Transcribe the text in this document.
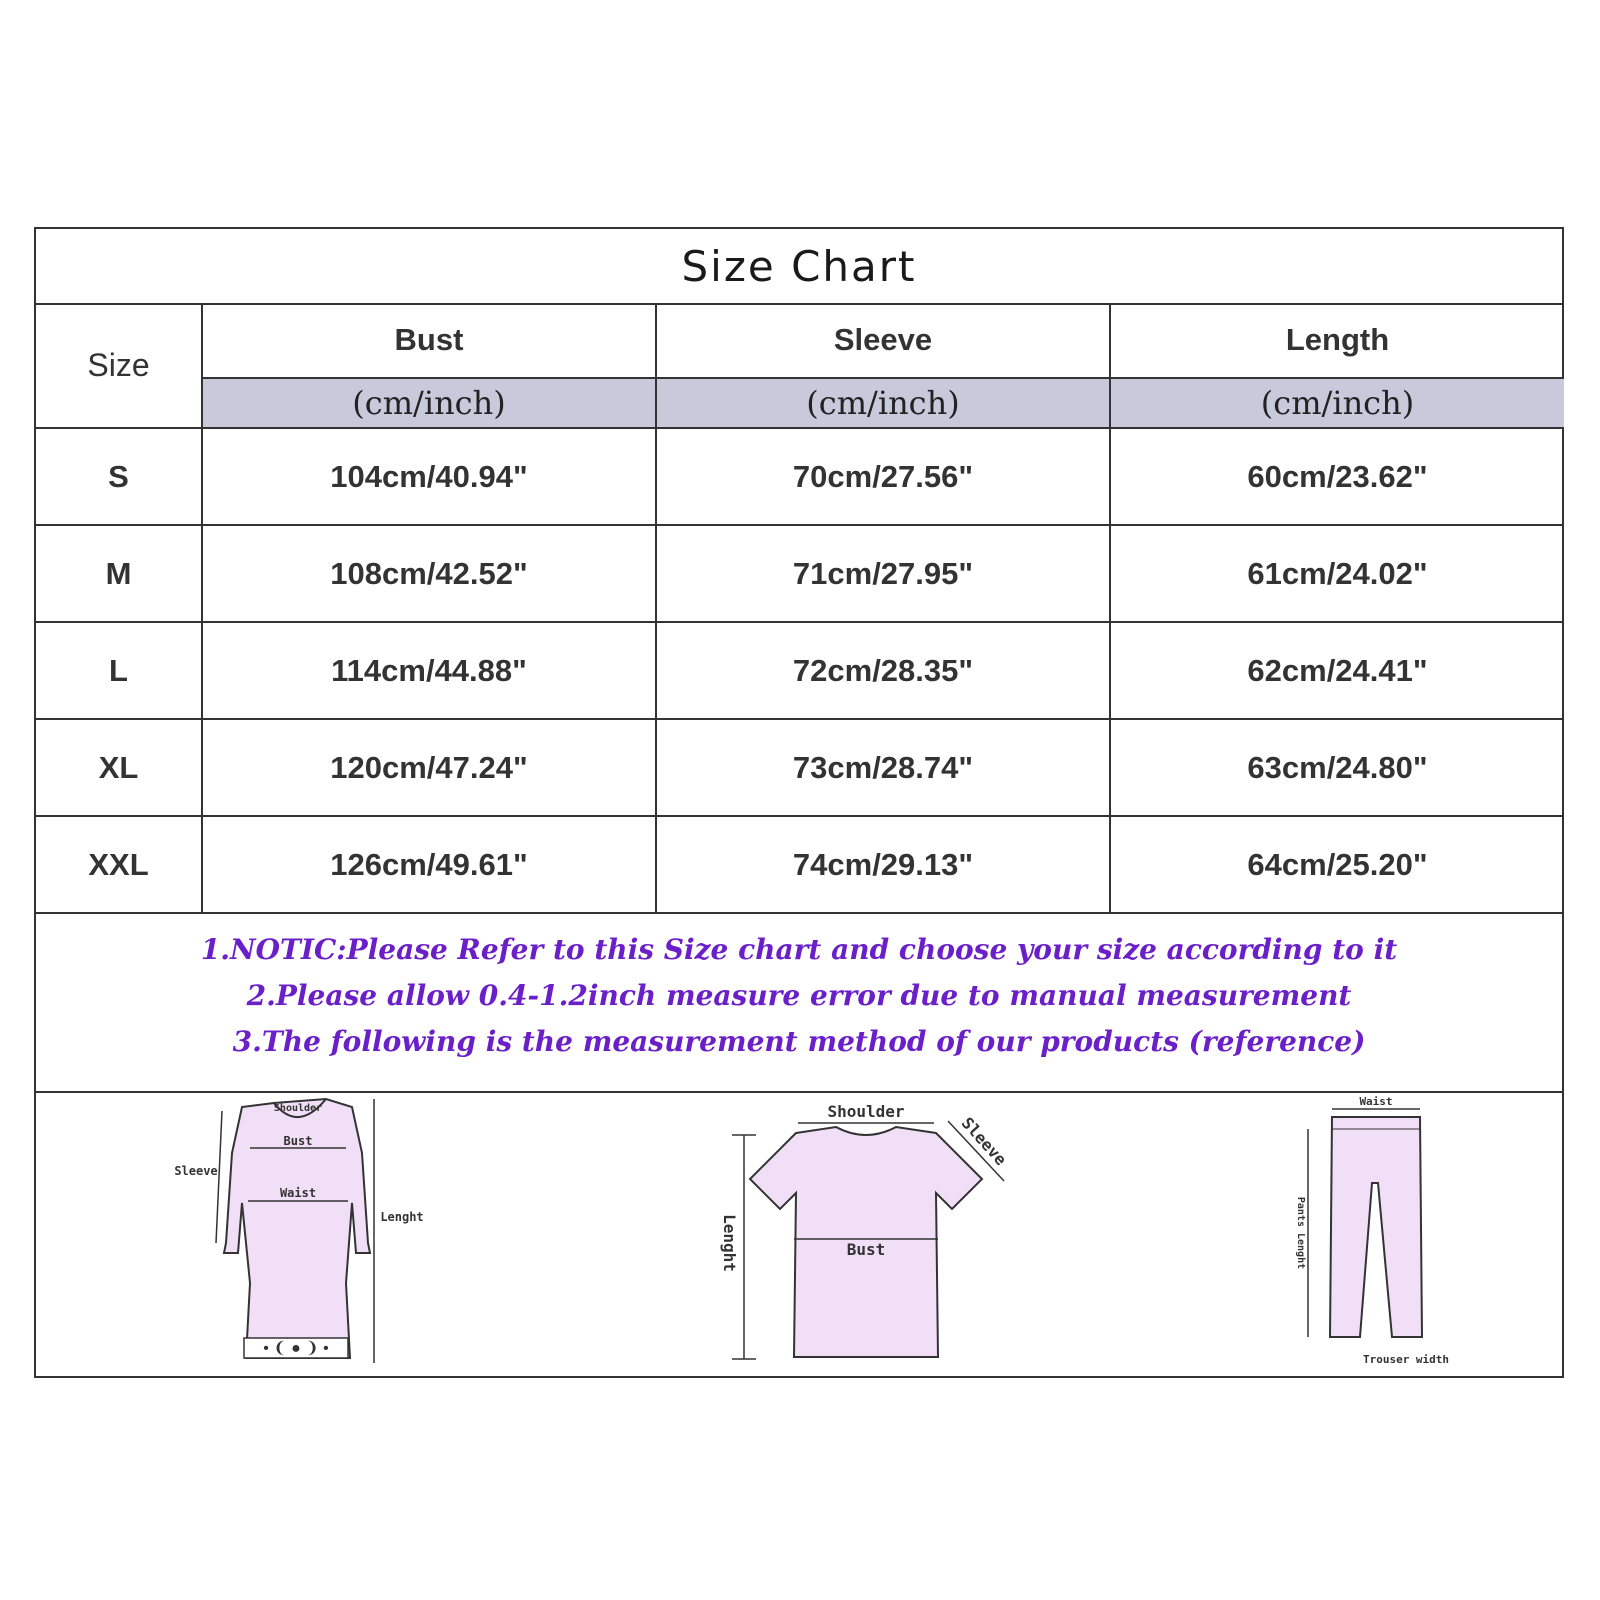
Size Chart
Size	Bust	Sleeve	Length
	(cm/inch)	(cm/inch)	(cm/inch)
S	104cm/40.94"	70cm/27.56"	60cm/23.62"
M	108cm/42.52"	71cm/27.95"	61cm/24.02"
L	114cm/44.88"	72cm/28.35"	62cm/24.41"
XL	120cm/47.24"	73cm/28.74"	63cm/24.80"
XXL	126cm/49.61"	74cm/29.13"	64cm/25.20"
1.NOTIC:Please Refer to this Size chart and choose your size according to it
2.Please allow 0.4-1.2inch measure error due to manual measurement
3.The following is the measurement method of our products (reference)
• ❨ ● ❩ •
Shoulder
Bust
Waist
Sleeve
Lenght
Shoulder
Sleeve
Bust
Lenght
Waist
Pants Lenght
Trouser width
